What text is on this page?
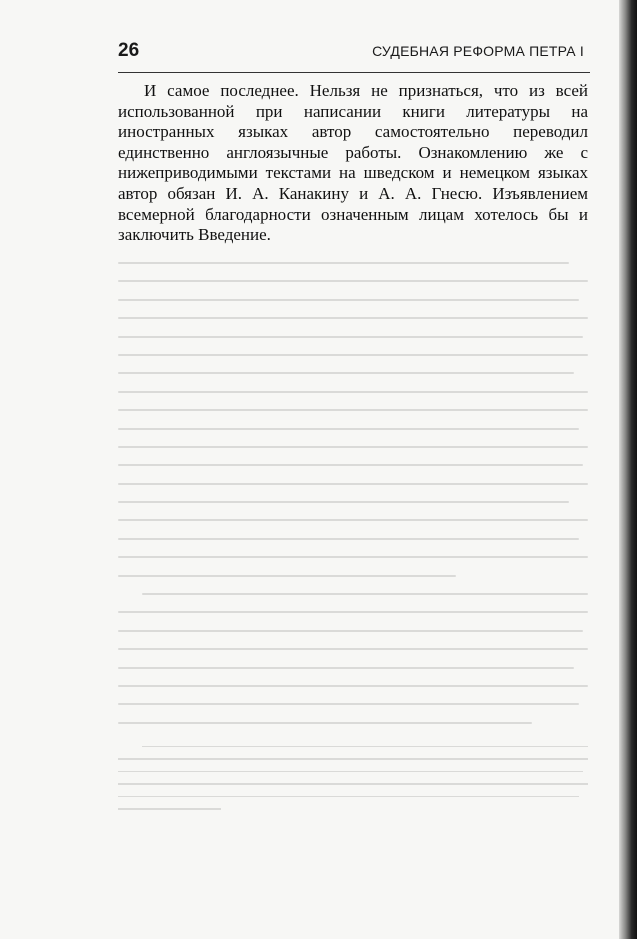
26	СУДЕБНАЯ РЕФОРМА ПЕТРА I

И самое последнее. Нельзя не признаться, что из всей использованной при написании книги литературы на иностранных языках автор самостоятельно переводил единственно англоязычные работы. Ознакомлению же с нижеприводимыми текстами на шведском и немецком языках автор обязан И. А. Канакину и А. А. Гнесю. Изъявлением всемерной благодарности означенным лицам хотелось бы и заключить Введение.
